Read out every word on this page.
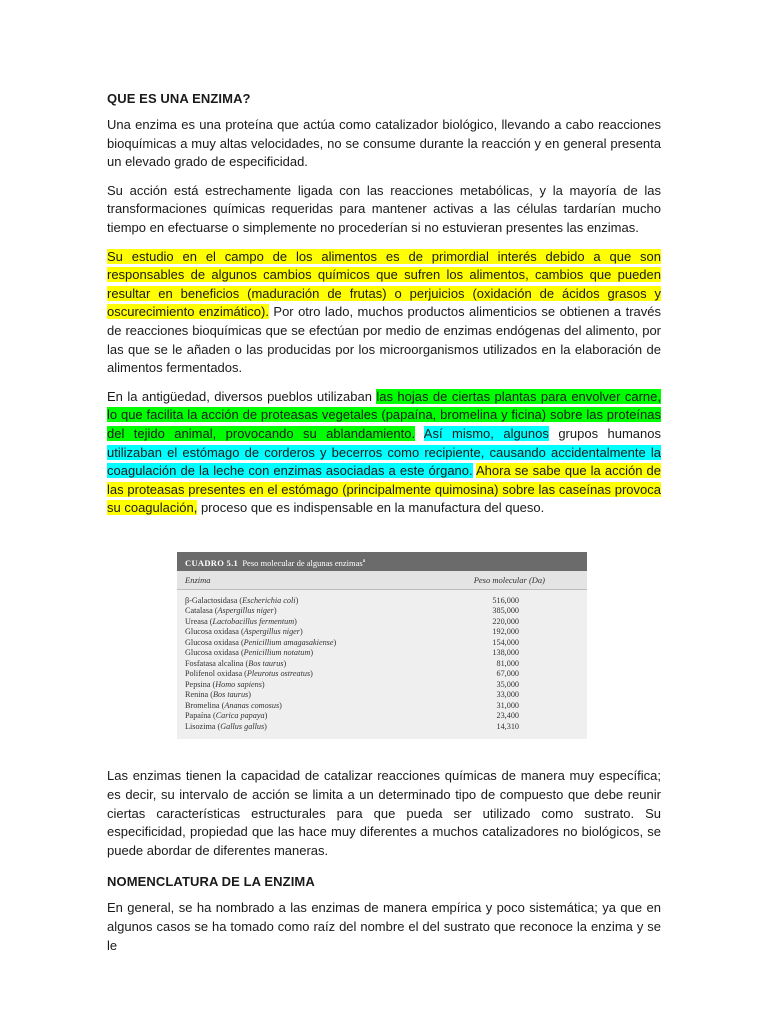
QUE ES UNA ENZIMA?

Una enzima es una proteína que actúa como catalizador biológico, llevando a cabo reacciones bioquímicas a muy altas velocidades, no se consume durante la reacción y en general presenta un elevado grado de especificidad.

Su acción está estrechamente ligada con las reacciones metabólicas, y la mayoría de las transformaciones químicas requeridas para mantener activas a las células tardarían mucho tiempo en efectuarse o simplemente no procederían si no estuvieran presentes las enzimas.

Su estudio en el campo de los alimentos es de primordial interés debido a que son responsables de algunos cambios químicos que sufren los alimentos, cambios que pueden resultar en beneficios (maduración de frutas) o perjuicios (oxidación de ácidos grasos y oscurecimiento enzimático). Por otro lado, muchos productos alimenticios se obtienen a través de reacciones bioquímicas que se efectúan por medio de enzimas endógenas del alimento, por las que se le añaden o las producidas por los microorganismos utilizados en la elaboración de alimentos fermentados.

En la antigüedad, diversos pueblos utilizaban las hojas de ciertas plantas para envolver carne, lo que facilita la acción de proteasas vegetales (papaína, bromelina y ficina) sobre las proteínas del tejido animal, provocando su ablandamiento. Así mismo, algunos grupos humanos utilizaban el estómago de corderos y becerros como recipiente, causando accidentalmente la coagulación de la leche con enzimas asociadas a este órgano. Ahora se sabe que la acción de las proteasas presentes en el estómago (principalmente quimosina) sobre las caseínas provoca su coagulación, proceso que es indispensable en la manufactura del queso.

CUADRO 5.1 Peso molecular de algunas enzimas$^a$
Enzima	Peso molecular (Da)
β-Galactosidasa (Escherichia coli)	516,000
Catalasa (Aspergillus niger)	385,000
Ureasa (Lactobacillus fermentum)	220,000
Glucosa oxidasa (Aspergillus niger)	192,000
Glucosa oxidasa (Penicillium amagasakiense)	154,000
Glucosa oxidasa (Penicillium notatum)	138,000
Fosfatasa alcalina (Bos taurus)	81,000
Polifenol oxidasa (Pleurotus ostreatus)	67,000
Pepsina (Homo sapiens)	35,000
Renina (Bos taurus)	33,000
Bromelina (Ananas comosus)	31,000
Papaína (Carica papaya)	23,400
Lisozima (Gallus gallus)	14,310

Las enzimas tienen la capacidad de catalizar reacciones químicas de manera muy específica; es decir, su intervalo de acción se limita a un determinado tipo de compuesto que debe reunir ciertas características estructurales para que pueda ser utilizado como sustrato. Su especificidad, propiedad que las hace muy diferentes a muchos catalizadores no biológicos, se puede abordar de diferentes maneras.

NOMENCLATURA DE LA ENZIMA

En general, se ha nombrado a las enzimas de manera empírica y poco sistemática; ya que en algunos casos se ha tomado como raíz del nombre el del sustrato que reconoce la enzima y se le
